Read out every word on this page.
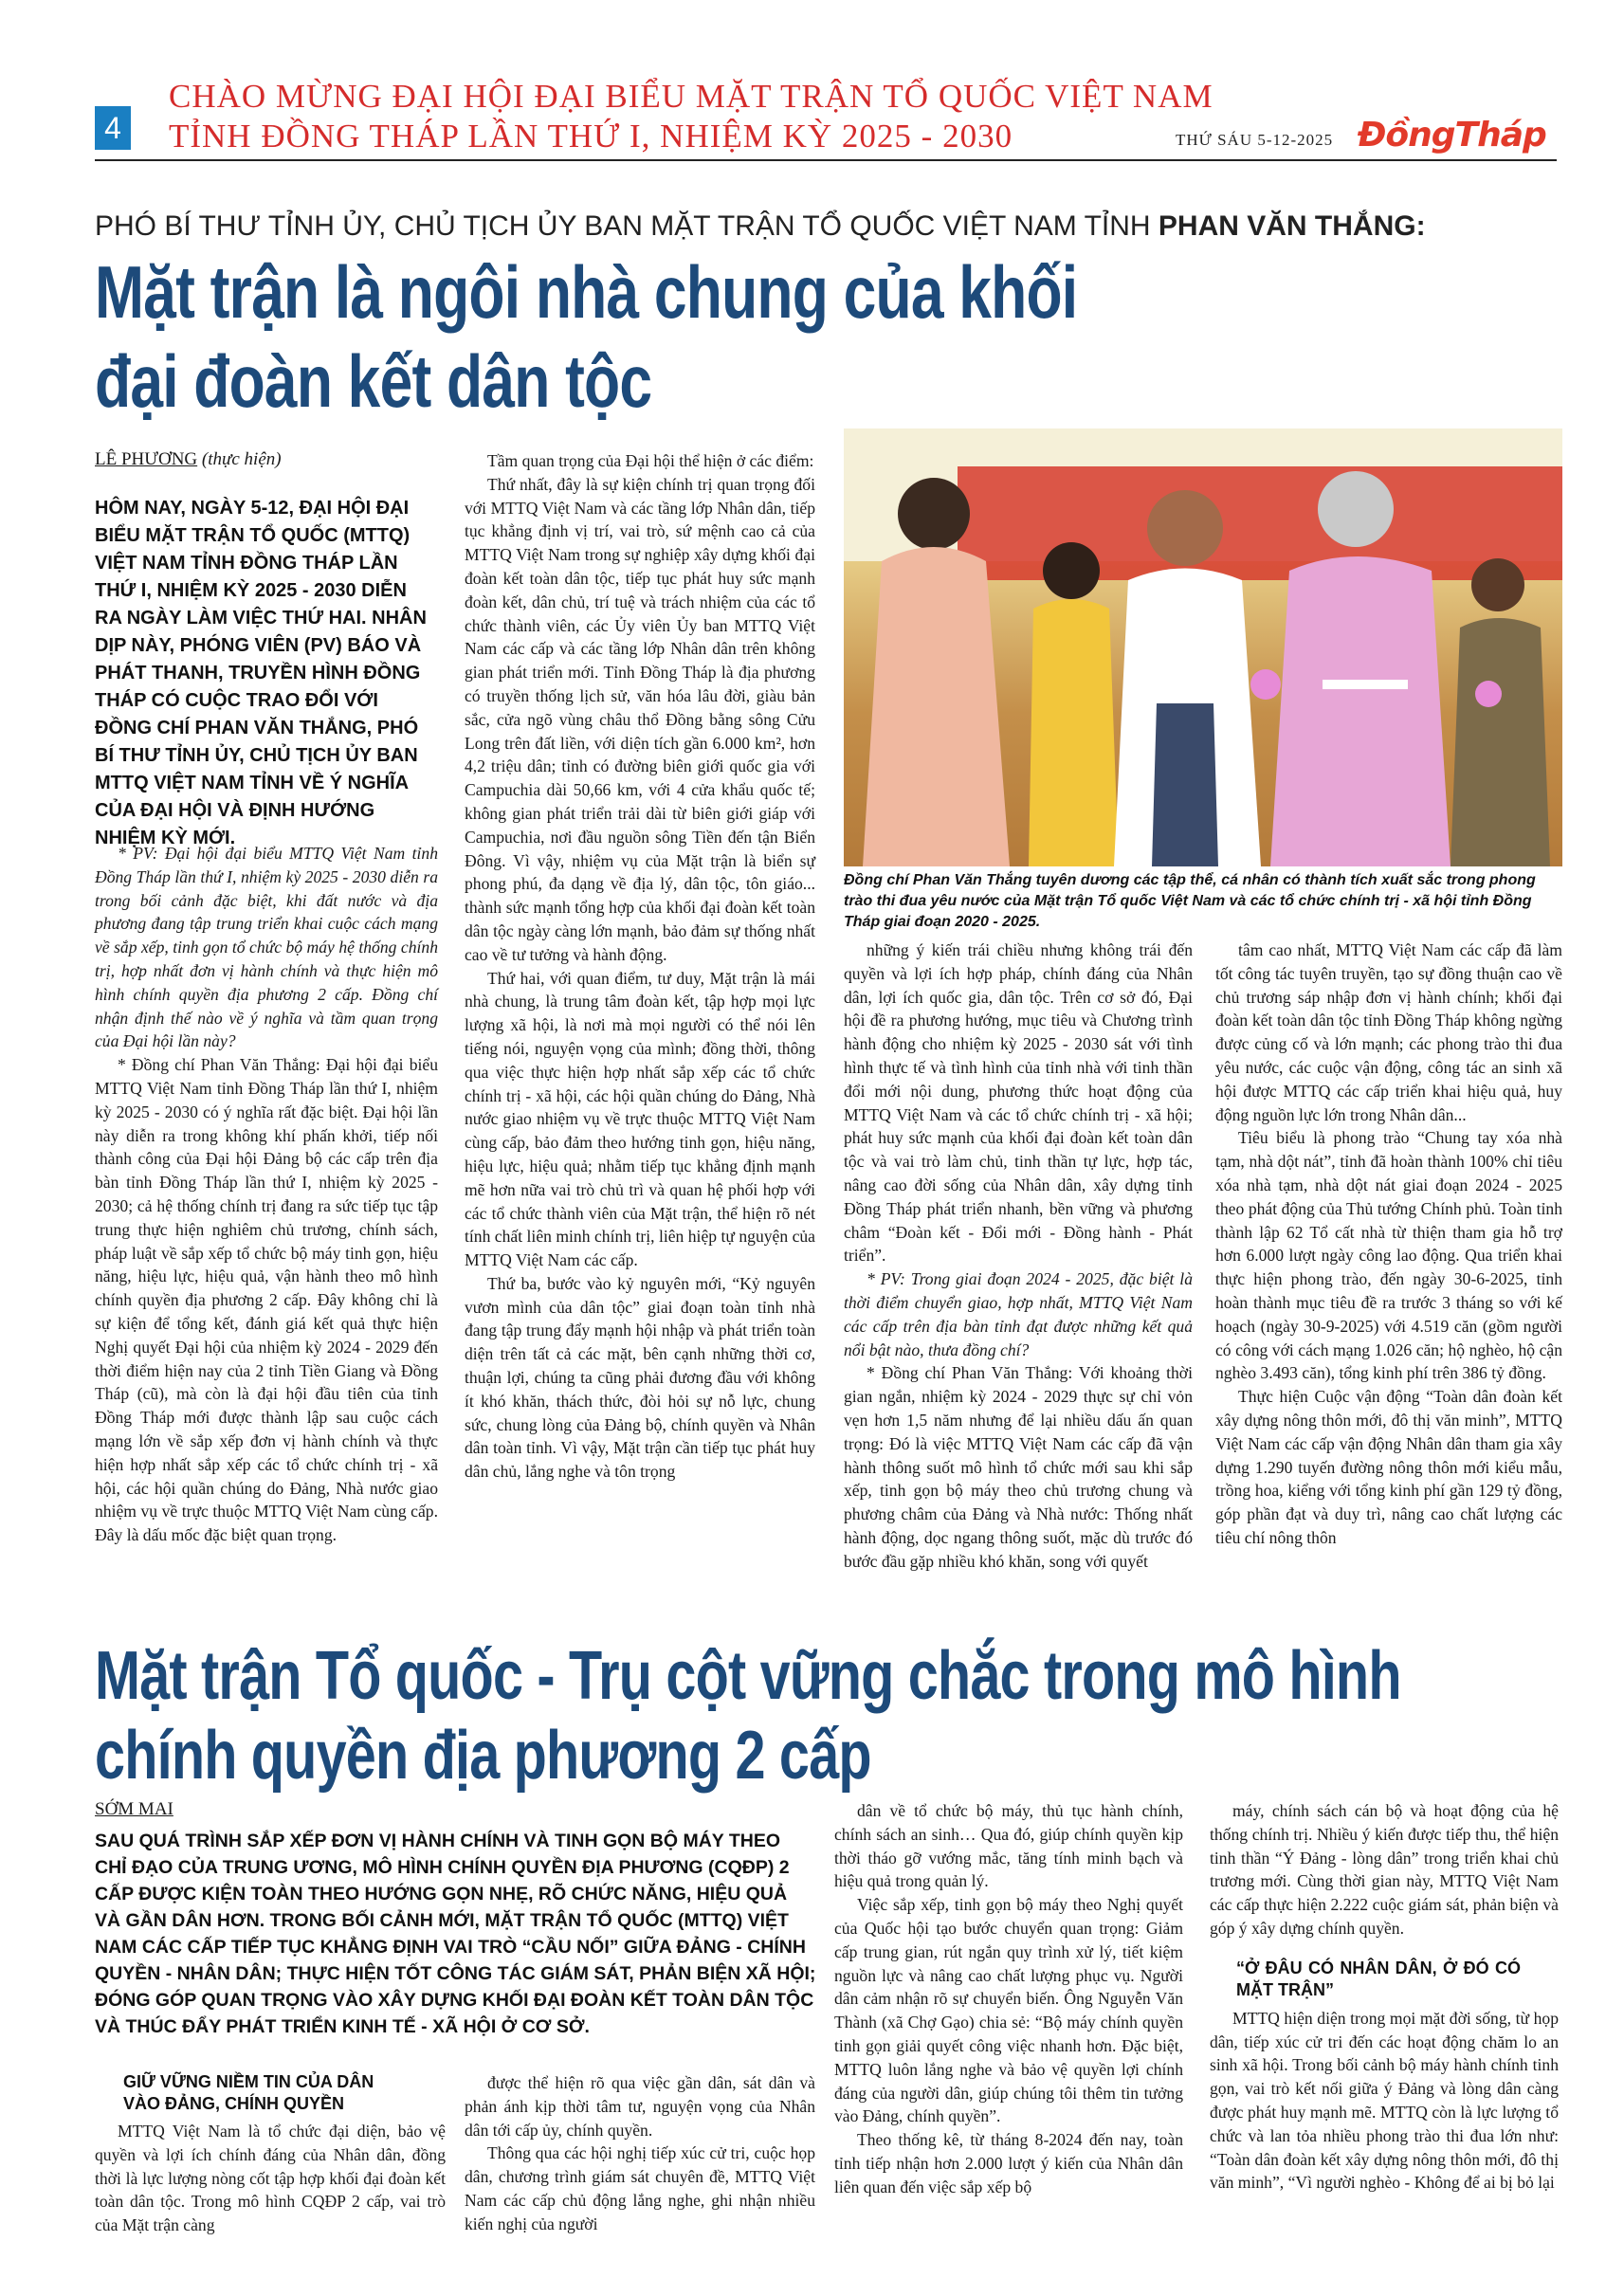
4
CHÀO MỪNG ĐẠI HỘI ĐẠI BIỂU MẶT TRẬN TỔ QUỐC VIỆT NAM
TỈNH ĐỒNG THÁP LẦN THỨ I, NHIỆM KỲ 2025 - 2030	THỨ SÁU 5-12-2025 ĐồngTháp
PHÓ BÍ THƯ TỈNH ỦY, CHỦ TỊCH ỦY BAN MẶT TRẬN TỔ QUỐC VIỆT NAM TỈNH PHAN VĂN THẮNG:
Mặt trận là ngôi nhà chung của khối
đại đoàn kết dân tộc
LÊ PHƯƠNG (thực hiện)
HÔM NAY, NGÀY 5-12, ĐẠI HỘI ĐẠI BIỂU MẶT TRẬN TỔ QUỐC (MTTQ) VIỆT NAM TỈNH ĐỒNG THÁP LẦN THỨ I, NHIỆM KỲ 2025 - 2030 DIỄN RA NGÀY LÀM VIỆC THỨ HAI. NHÂN DỊP NÀY, PHÓNG VIÊN (PV) BÁO VÀ PHÁT THANH, TRUYỀN HÌNH ĐỒNG THÁP CÓ CUỘC TRAO ĐỔI VỚI ĐỒNG CHÍ PHAN VĂN THẮNG, PHÓ BÍ THƯ TỈNH ỦY, CHỦ TỊCH ỦY BAN MTTQ VIỆT NAM TỈNH VỀ Ý NGHĨA CỦA ĐẠI HỘI VÀ ĐỊNH HƯỚNG NHIỆM KỲ MỚI.

* PV: Đại hội đại biểu MTTQ Việt Nam tỉnh Đồng Tháp lần thứ I, nhiệm kỳ 2025 - 2030 diễn ra trong bối cảnh đặc biệt, khi đất nước và địa phương đang tập trung triển khai cuộc cách mạng về sắp xếp, tinh gọn tổ chức bộ máy hệ thống chính trị, hợp nhất đơn vị hành chính và thực hiện mô hình chính quyền địa phương 2 cấp. Đồng chí nhận định thế nào về ý nghĩa và tầm quan trọng của Đại hội lần này?

* Đồng chí Phan Văn Thắng: Đại hội đại biểu MTTQ Việt Nam tỉnh Đồng Tháp lần thứ I, nhiệm kỳ 2025 - 2030 có ý nghĩa rất đặc biệt. Đại hội lần này diễn ra trong không khí phấn khởi, tiếp nối thành công của Đại hội Đảng bộ các cấp trên địa bàn tỉnh Đồng Tháp lần thứ I, nhiệm kỳ 2025 - 2030; cả hệ thống chính trị đang ra sức tiếp tục tập trung thực hiện nghiêm chủ trương, chính sách, pháp luật về sắp xếp tổ chức bộ máy tinh gọn, hiệu năng, hiệu lực, hiệu quả, vận hành theo mô hình chính quyền địa phương 2 cấp. Đây không chỉ là sự kiện để tổng kết, đánh giá kết quả thực hiện Nghị quyết Đại hội của nhiệm kỳ 2024 - 2029 đến thời điểm hiện nay của 2 tỉnh Tiền Giang và Đồng Tháp (cũ), mà còn là đại hội đầu tiên của tỉnh Đồng Tháp mới được thành lập sau cuộc cách mạng lớn về sắp xếp đơn vị hành chính và thực hiện hợp nhất sắp xếp các tổ chức chính trị - xã hội, các hội quần chúng do Đảng, Nhà nước giao nhiệm vụ về trực thuộc MTTQ Việt Nam cùng cấp. Đây là dấu mốc đặc biệt quan trọng.

Tầm quan trọng của Đại hội thể hiện ở các điểm:

Thứ nhất, đây là sự kiện chính trị quan trọng đối với MTTQ Việt Nam và các tầng lớp Nhân dân, tiếp tục khẳng định vị trí, vai trò, sứ mệnh cao cả của MTTQ Việt Nam trong sự nghiệp xây dựng khối đại đoàn kết toàn dân tộc, tiếp tục phát huy sức mạnh đoàn kết, dân chủ, trí tuệ và trách nhiệm của các tổ chức thành viên, các Ủy viên Ủy ban MTTQ Việt Nam các cấp và các tầng lớp Nhân dân trên không gian phát triển mới. Tỉnh Đồng Tháp là địa phương có truyền thống lịch sử, văn hóa lâu đời, giàu bản sắc, cửa ngõ vùng châu thổ Đồng bằng sông Cửu Long trên đất liền, với diện tích gần 6.000 km², hơn 4,2 triệu dân; tỉnh có đường biên giới quốc gia với Campuchia dài 50,66 km, với 4 cửa khẩu quốc tế; không gian phát triển trải dài từ biên giới giáp với Campuchia, nơi đầu nguồn sông Tiền đến tận Biển Đông. Vì vậy, nhiệm vụ của Mặt trận là biển sự phong phú, đa dạng về địa lý, dân tộc, tôn giáo... thành sức mạnh tổng hợp của khối đại đoàn kết toàn dân tộc ngày càng lớn mạnh, bảo đảm sự thống nhất cao về tư tưởng và hành động.

Thứ hai, với quan điểm, tư duy, Mặt trận là mái nhà chung, là trung tâm đoàn kết, tập hợp mọi lực lượng xã hội, là nơi mà mọi người có thể nói lên tiếng nói, nguyện vọng của mình; đồng thời, thông qua việc thực hiện hợp nhất sắp xếp các tổ chức chính trị - xã hội, các hội quần chúng do Đảng, Nhà nước giao nhiệm vụ về trực thuộc MTTQ Việt Nam cùng cấp, bảo đảm theo hướng tinh gọn, hiệu năng, hiệu lực, hiệu quả; nhằm tiếp tục khẳng định mạnh mẽ hơn nữa vai trò chủ trì và quan hệ phối hợp với các tổ chức thành viên của Mặt trận, thể hiện rõ nét tính chất liên minh chính trị, liên hiệp tự nguyện của MTTQ Việt Nam các cấp.

Thứ ba, bước vào kỷ nguyên mới, “Kỷ nguyên vươn mình của dân tộc” giai đoạn toàn tỉnh nhà đang tập trung đẩy mạnh hội nhập và phát triển toàn diện trên tất cả các mặt, bên cạnh những thời cơ, thuận lợi, chúng ta cũng phải đương đầu với không ít khó khăn, thách thức, đòi hỏi sự nỗ lực, chung sức, chung lòng của Đảng bộ, chính quyền và Nhân dân toàn tỉnh. Vì vậy, Mặt trận cần tiếp tục phát huy dân chủ, lắng nghe và tôn trọng

Đồng chí Phan Văn Thắng tuyên dương các tập thể, cá nhân có thành tích xuất sắc trong phong trào thi đua yêu nước của Mặt trận Tổ quốc Việt Nam và các tổ chức chính trị - xã hội tỉnh Đồng Tháp giai đoạn 2020 - 2025.

những ý kiến trái chiều nhưng không trái đến quyền và lợi ích hợp pháp, chính đáng của Nhân dân, lợi ích quốc gia, dân tộc. Trên cơ sở đó, Đại hội đề ra phương hướng, mục tiêu và Chương trình hành động cho nhiệm kỳ 2025 - 2030 sát với tình hình thực tế và tình hình của tỉnh nhà với tinh thần đổi mới nội dung, phương thức hoạt động của MTTQ Việt Nam và các tổ chức chính trị - xã hội; phát huy sức mạnh của khối đại đoàn kết toàn dân tộc và vai trò làm chủ, tinh thần tự lực, hợp tác, nâng cao đời sống của Nhân dân, xây dựng tỉnh Đồng Tháp phát triển nhanh, bền vững và phương châm “Đoàn kết - Đổi mới - Đồng hành - Phát triển”.

* PV: Trong giai đoạn 2024 - 2025, đặc biệt là thời điểm chuyển giao, hợp nhất, MTTQ Việt Nam các cấp trên địa bàn tỉnh đạt được những kết quả nổi bật nào, thưa đồng chí?

* Đồng chí Phan Văn Thắng: Với khoảng thời gian ngắn, nhiệm kỳ 2024 - 2029 thực sự chỉ vỏn vẹn hơn 1,5 năm nhưng để lại nhiều dấu ấn quan trọng: Đó là việc MTTQ Việt Nam các cấp đã vận hành thông suốt mô hình tổ chức mới sau khi sắp xếp, tinh gọn bộ máy theo chủ trương chung và phương châm của Đảng và Nhà nước: Thống nhất hành động, dọc ngang thông suốt, mặc dù trước đó bước đầu gặp nhiều khó khăn, song với quyết

tâm cao nhất, MTTQ Việt Nam các cấp đã làm tốt công tác tuyên truyền, tạo sự đồng thuận cao về chủ trương sáp nhập đơn vị hành chính; khối đại đoàn kết toàn dân tộc tỉnh Đồng Tháp không ngừng được củng cố và lớn mạnh; các phong trào thi đua yêu nước, các cuộc vận động, công tác an sinh xã hội được MTTQ các cấp triển khai hiệu quả, huy động nguồn lực lớn trong Nhân dân...

Tiêu biểu là phong trào “Chung tay xóa nhà tạm, nhà dột nát”, tỉnh đã hoàn thành 100% chỉ tiêu xóa nhà tạm, nhà dột nát giai đoạn 2024 - 2025 theo phát động của Thủ tướng Chính phủ. Toàn tỉnh thành lập 62 Tổ cất nhà từ thiện tham gia hỗ trợ hơn 6.000 lượt ngày công lao động. Qua triển khai thực hiện phong trào, đến ngày 30-6-2025, tỉnh hoàn thành mục tiêu đề ra trước 3 tháng so với kế hoạch (ngày 30-9-2025) với 4.519 căn (gồm người có công với cách mạng 1.026 căn; hộ nghèo, hộ cận nghèo 3.493 căn), tổng kinh phí trên 386 tỷ đồng.

Thực hiện Cuộc vận động “Toàn dân đoàn kết xây dựng nông thôn mới, đô thị văn minh”, MTTQ Việt Nam các cấp vận động Nhân dân tham gia xây dựng 1.290 tuyến đường nông thôn mới kiểu mẫu, trồng hoa, kiểng với tổng kinh phí gần 129 tỷ đồng, góp phần đạt và duy trì, nâng cao chất lượng các tiêu chí nông thôn

Mặt trận Tổ quốc - Trụ cột vững chắc trong mô hình
chính quyền địa phương 2 cấp
SỚM MAI
SAU QUÁ TRÌNH SẮP XẾP ĐƠN VỊ HÀNH CHÍNH VÀ TINH GỌN BỘ MÁY THEO CHỈ ĐẠO CỦA TRUNG ƯƠNG, MÔ HÌNH CHÍNH QUYỀN ĐỊA PHƯƠNG (CQĐP) 2 CẤP ĐƯỢC KIỆN TOÀN THEO HƯỚNG GỌN NHẸ, RÕ CHỨC NĂNG, HIỆU QUẢ VÀ GẦN DÂN HƠN. TRONG BỐI CẢNH MỚI, MẶT TRẬN TỔ QUỐC (MTTQ) VIỆT NAM CÁC CẤP TIẾP TỤC KHẲNG ĐỊNH VAI TRÒ “CẦU NỐI” GIỮA ĐẢNG - CHÍNH QUYỀN - NHÂN DÂN; THỰC HIỆN TỐT CÔNG TÁC GIÁM SÁT, PHẢN BIỆN XÃ HỘI; ĐÓNG GÓP QUAN TRỌNG VÀO XÂY DỰNG KHỐI ĐẠI ĐOÀN KẾT TOÀN DÂN TỘC VÀ THÚC ĐẨY PHÁT TRIỂN KINH TẾ - XÃ HỘI Ở CƠ SỞ.
GIỮ VỮNG NIỀM TIN CỦA DÂN VÀO ĐẢNG, CHÍNH QUYỀN

MTTQ Việt Nam là tổ chức đại diện, bảo vệ quyền và lợi ích chính đáng của Nhân dân, đồng thời là lực lượng nòng cốt tập hợp khối đại đoàn kết toàn dân tộc. Trong mô hình CQĐP 2 cấp, vai trò của Mặt trận càng

được thể hiện rõ qua việc gần dân, sát dân và phản ánh kịp thời tâm tư, nguyện vọng của Nhân dân tới cấp ủy, chính quyền.

Thông qua các hội nghị tiếp xúc cử tri, cuộc họp dân, chương trình giám sát chuyên đề, MTTQ Việt Nam các cấp chủ động lắng nghe, ghi nhận nhiều kiến nghị của người

dân về tổ chức bộ máy, thủ tục hành chính, chính sách an sinh… Qua đó, giúp chính quyền kịp thời tháo gỡ vướng mắc, tăng tính minh bạch và hiệu quả trong quản lý.

Việc sắp xếp, tinh gọn bộ máy theo Nghị quyết của Quốc hội tạo bước chuyển quan trọng: Giảm cấp trung gian, rút ngắn quy trình xử lý, tiết kiệm nguồn lực và nâng cao chất lượng phục vụ. Người dân cảm nhận rõ sự chuyển biến. Ông Nguyễn Văn Thành (xã Chợ Gạo) chia sẻ: “Bộ máy chính quyền tinh gọn giải quyết công việc nhanh hơn. Đặc biệt, MTTQ luôn lắng nghe và bảo vệ quyền lợi chính đáng của người dân, giúp chúng tôi thêm tin tưởng vào Đảng, chính quyền”.

Theo thống kê, từ tháng 8-2024 đến nay, toàn tỉnh tiếp nhận hơn 2.000 lượt ý kiến của Nhân dân liên quan đến việc sắp xếp bộ

máy, chính sách cán bộ và hoạt động của hệ thống chính trị. Nhiều ý kiến được tiếp thu, thể hiện tinh thần “Ý Đảng - lòng dân” trong triển khai chủ trương mới. Cùng thời gian này, MTTQ Việt Nam các cấp thực hiện 2.222 cuộc giám sát, phản biện và góp ý xây dựng chính quyền.

“Ở ĐÂU CÓ NHÂN DÂN, Ở ĐÓ CÓ MẶT TRẬN”

MTTQ hiện diện trong mọi mặt đời sống, từ họp dân, tiếp xúc cử tri đến các hoạt động chăm lo an sinh xã hội. Trong bối cảnh bộ máy hành chính tinh gọn, vai trò kết nối giữa ý Đảng và lòng dân càng được phát huy mạnh mẽ. MTTQ còn là lực lượng tổ chức và lan tỏa nhiều phong trào thi đua lớn như: “Toàn dân đoàn kết xây dựng nông thôn mới, đô thị văn minh”, “Vì người nghèo - Không để ai bị bỏ lại
